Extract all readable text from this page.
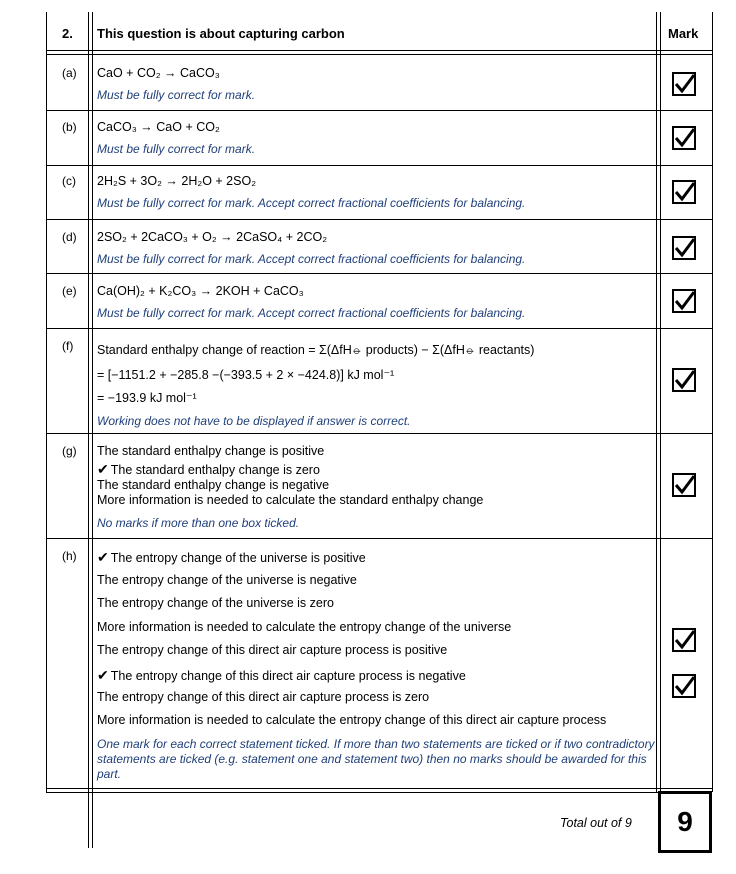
2. This question is about capturing carbon	Mark
(a) CaO + CO₂ → CaCO₃
Must be fully correct for mark.
(b) CaCO₃ → CaO + CO₂
Must be fully correct for mark.
(c) 2H₂S + 3O₂ → 2H₂O + 2SO₂
Must be fully correct for mark. Accept correct fractional coefficients for balancing.
(d) 2SO₂ + 2CaCO₃ + O₂ → 2CaSO₄ + 2CO₂
Must be fully correct for mark. Accept correct fractional coefficients for balancing.
(e) Ca(OH)₂ + K₂CO₃ → 2KOH + CaCO₃
Must be fully correct for mark. Accept correct fractional coefficients for balancing.
(f) Standard enthalpy change of reaction = Σ(ΔfH⦵ products) − Σ(ΔfH⦵ reactants)
= [−1151.2 + −285.8 −(−393.5 + 2 × −424.8)] kJ mol⁻¹
= −193.9 kJ mol⁻¹
Working does not have to be displayed if answer is correct.
(g) The standard enthalpy change is positive
✔ The standard enthalpy change is zero
The standard enthalpy change is negative
More information is needed to calculate the standard enthalpy change
No marks if more than one box ticked.
(h) ✔ The entropy change of the universe is positive
The entropy change of the universe is negative
The entropy change of the universe is zero
More information is needed to calculate the entropy change of the universe
The entropy change of this direct air capture process is positive
✔ The entropy change of this direct air capture process is negative
The entropy change of this direct air capture process is zero
More information is needed to calculate the entropy change of this direct air capture process
One mark for each correct statement ticked. If more than two statements are ticked or if two contradictory statements are ticked (e.g. statement one and statement two) then no marks should be awarded for this part.
Total out of 9 9
